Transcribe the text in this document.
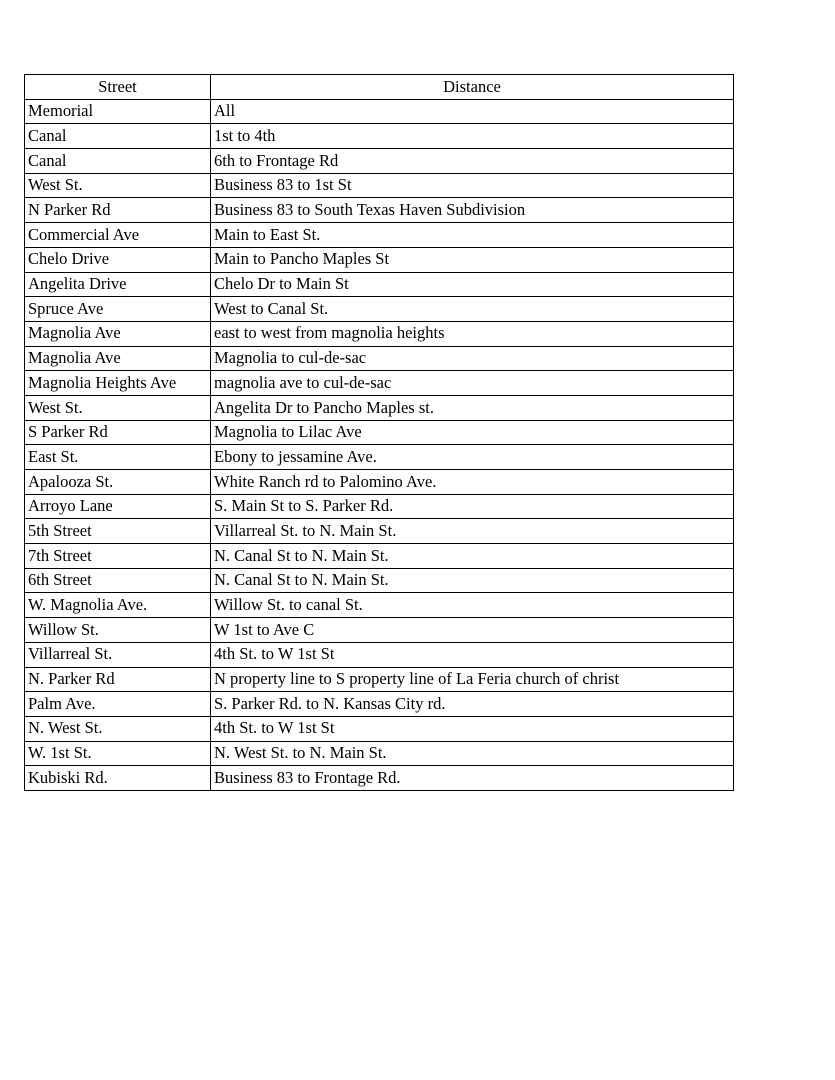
Street	Distance
Memorial	All
Canal	1st to 4th
Canal	6th to Frontage Rd
West St.	Business 83 to 1st St
N Parker Rd	Business 83 to South Texas Haven Subdivision
Commercial Ave	Main to East St.
Chelo Drive	Main to Pancho Maples St
Angelita Drive	Chelo Dr to Main St
Spruce Ave	West to Canal St.
Magnolia Ave	east to west from magnolia heights
Magnolia Ave	Magnolia to cul-de-sac
Magnolia Heights Ave	magnolia ave to cul-de-sac
West St.	Angelita Dr to Pancho Maples st.
S Parker Rd	Magnolia to Lilac Ave
East St.	Ebony to jessamine Ave.
Apalooza St.	White Ranch rd to Palomino Ave.
Arroyo Lane	S. Main St to S. Parker Rd.
5th Street	Villarreal St. to N. Main St.
7th Street	N. Canal St to N. Main St.
6th Street	N. Canal St to N. Main St.
W. Magnolia Ave.	Willow St. to canal St.
Willow St.	W 1st to Ave C
Villarreal St.	4th St. to W 1st St
N. Parker Rd	N property line to S property line of La Feria church of christ
Palm Ave.	S. Parker Rd. to N. Kansas City rd.
N. West St.	4th St. to W 1st St
W. 1st St.	N. West St. to N. Main St.
Kubiski Rd.	Business 83 to Frontage Rd.
